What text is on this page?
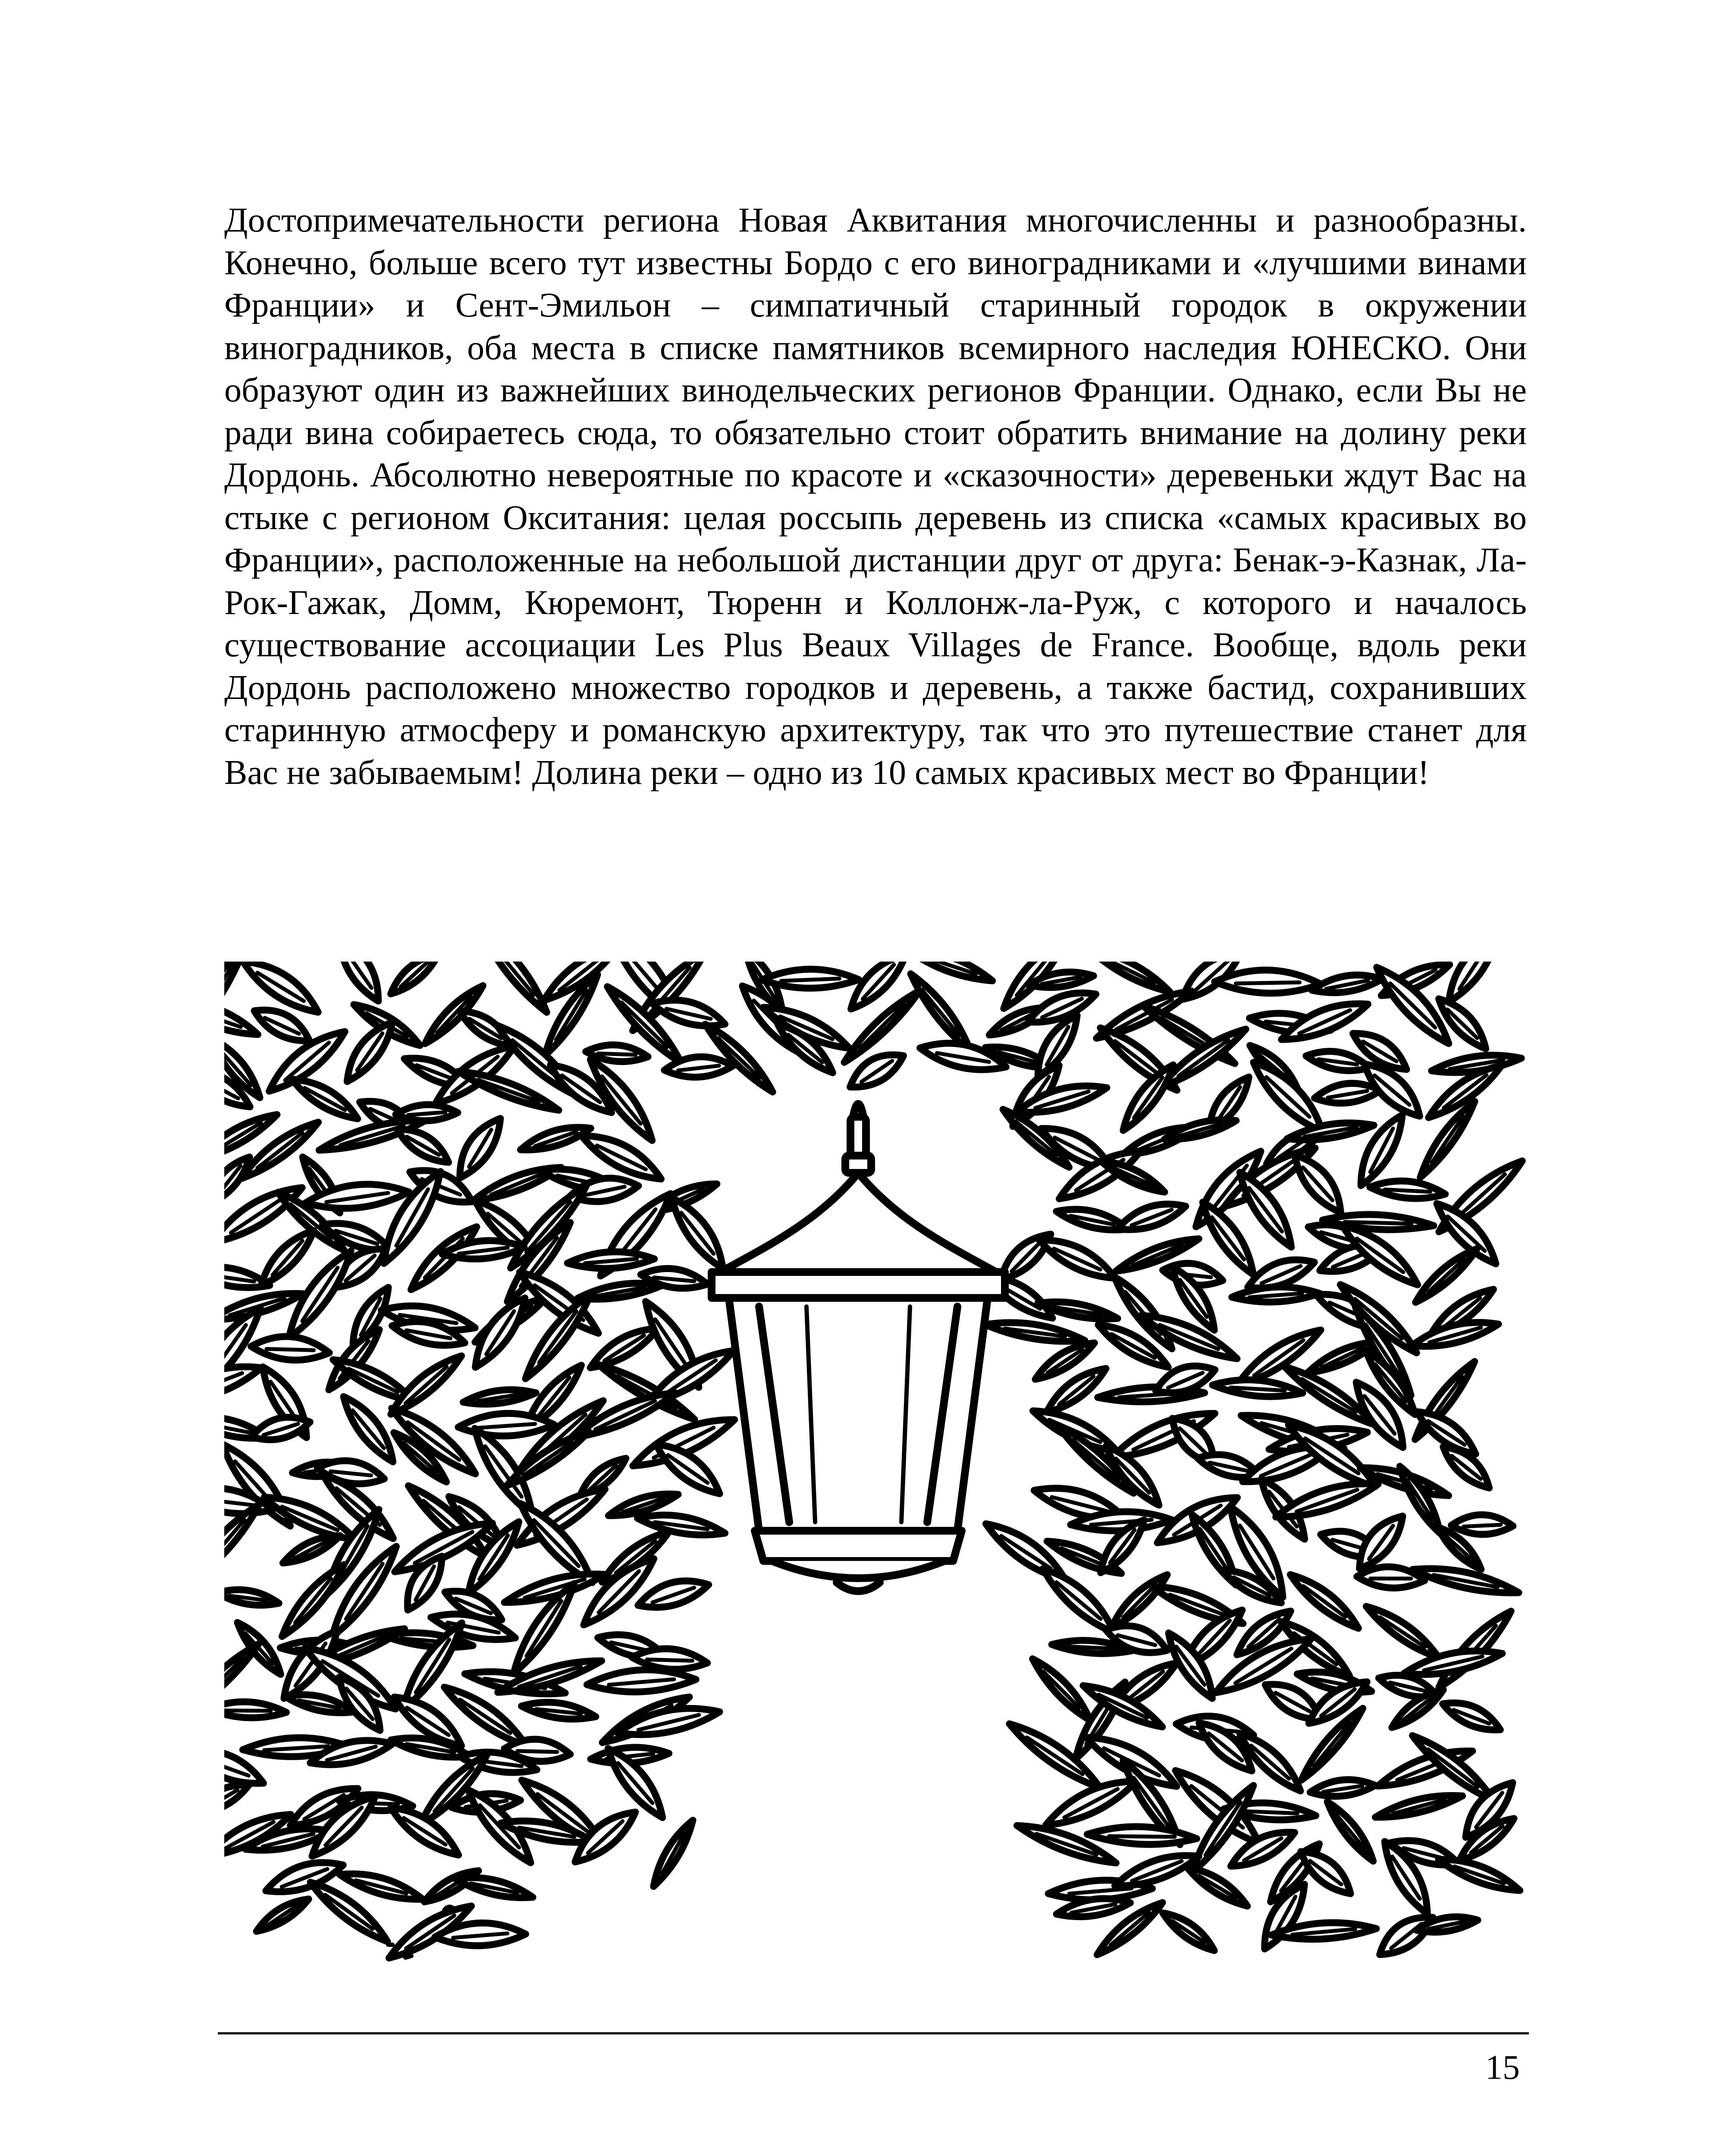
Достопримечательности региона Новая Аквитания многочисленны и разнообразны. Конечно, больше всего тут известны Бордо с его виноградниками и «лучшими винами Франции» и Сент-Эмильон – симпатичный старинный городок в окружении виноградников, оба места в списке памятников всемирного наследия ЮНЕСКО. Они образуют один из важнейших винодельческих регионов Франции. Однако, если Вы не ради вина собираетесь сюда, то обязательно стоит обратить внимание на долину реки Дордонь. Абсолютно невероятные по красоте и «сказочности» деревеньки ждут Вас на стыке с регионом Окситания: целая россыпь деревень из списка «самых красивых во Франции», расположенные на небольшой дистанции друг от друга: Бенак-э-Казнак, Ла-Рок-Гажак, Домм, Кюремонт, Тюренн и Коллонж-ла-Руж, с которого и началось существование ассоциации Les Plus Beaux Villages de France. Вообще, вдоль реки Дордонь расположено множество городков и деревень, а также бастид, сохранивших старинную атмосферу и романскую архитектуру, так что это путешествие станет для Вас не забываемым! Долина реки – одно из 10 самых красивых мест во Франции!

15
